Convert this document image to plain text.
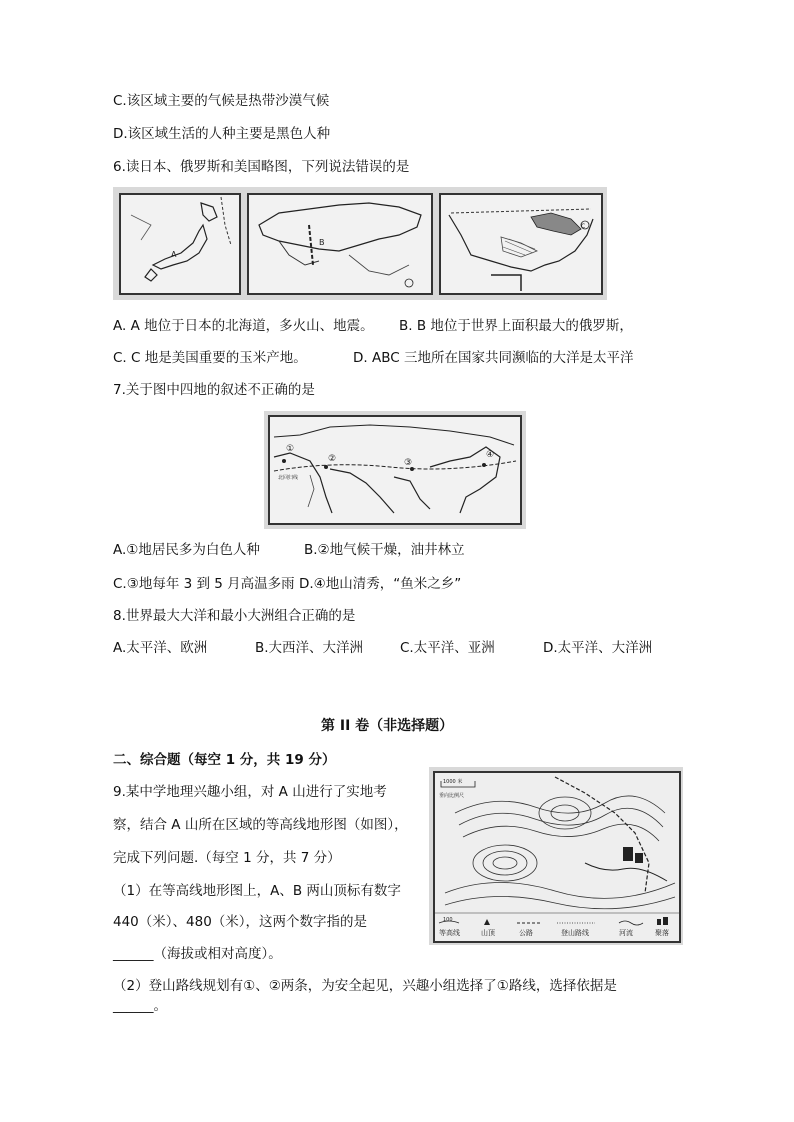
C.该区域主要的气候是热带沙漠气候
D.该区域生活的人种主要是黑色人种
6.读日本、俄罗斯和美国略图，下列说法错误的是
A
B
C
A. A 地位于日本的北海道，多火山、地震。 B. B 地位于世界上面积最大的俄罗斯，
C. C 地是美国重要的玉米产地。	D. ABC 三地所在国家共同濒临的大洋是太平洋
7.关于图中四地的叙述不正确的是
①
②	③
④
北回归线
A.①地居民多为白色人种	B.②地气候干燥，油井林立
C.③地每年 3 到 5 月高温多雨 D.④地山清秀，“鱼米之乡”
8.世界最大大洋和最小大洲组合正确的是
A.太平洋、欧洲	B.大西洋、大洋洲	C.太平洋、亚洲	D.太平洋、大洋洲
第 II 卷（非选择题）
二、综合题（每空 1 分，共 19 分）
9.某中学地理兴趣小组，对 A 山进行了实地考
察，结合 A 山所在区域的等高线地形图（如图），
完成下列问题.（每空 1 分，共 7 分）
（1）在等高线地形图上，A、B 两山顶标有数字
440（米）、480（米），这两个数字指的是
______（海拔或相对高度）。
（2）登山路线规划有①、②两条，为安全起见，兴趣小组选择了①路线，选择依据是
______。
1000 米
垂向比例尺
100
等高线	山顶	公路	登山路线	河流	聚落
